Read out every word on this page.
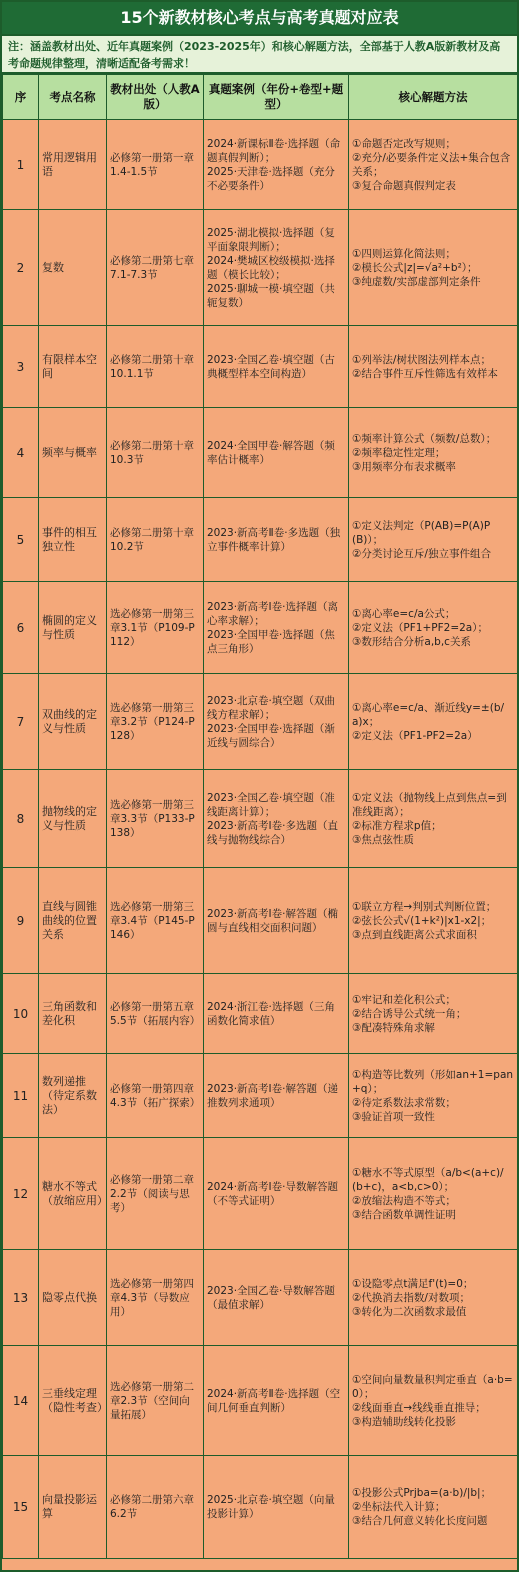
15个新教材核心考点与高考真题对应表
注：涵盖教材出处、近年真题案例（2023-2025年）和核心解题方法，全部基于人教A版新教材及高考命题规律整理，清晰适配备考需求！
序	考点名称	教材出处（人教A版）	真题案例（年份+卷型+题型）	核心解题方法
1	常用逻辑用语	必修第一册第一章1.4-1.5节	2024·新课标Ⅱ卷·选择题（命题真假判断）；
2025·天津卷·选择题（充分不必要条件）	①命题否定改写规则；
②充分/必要条件定义法+集合包含关系；
③复合命题真假判定表

2	复数	必修第二册第七章7.1-7.3节	2025·湖北模拟·选择题（复平面象限判断）；
2024·樊城区校级模拟·选择题（模长比较）；
2025·聊城一模·填空题（共轭复数）	①四则运算化简法则；
②模长公式|z|=√a²+b²）；
③纯虚数/实部虚部判定条件

3	有限样本空间	必修第二册第十章10.1.1节	2023·全国乙卷·填空题（古典概型样本空间构造）	①列举法/树状图法列样本点；
②结合事件互斥性筛选有效样本

4	频率与概率	必修第二册第十章10.3节	2024·全国甲卷·解答题（频率估计概率）	①频率计算公式（频数/总数）；
②频率稳定性定理；
③用频率分布表求概率

5	事件的相互独立性	必修第二册第十章10.2节	2023·新高考Ⅱ卷·多选题（独立事件概率计算）	①定义法判定（P(AB)=P(A)P(B)）；
②分类讨论互斥/独立事件组合

6	椭圆的定义与性质	选必修第一册第三章3.1节（P109-P112）	2023·新高考Ⅰ卷·选择题（离心率求解）；
2023·全国甲卷·选择题（焦点三角形）	①离心率e=c/a公式；
②定义法（PF1+PF2=2a）；
③数形结合分析a,b,c关系

7	双曲线的定义与性质	选必修第一册第三章3.2节（P124-P128）	2023·北京卷·填空题（双曲线方程求解）；
2023·全国甲卷·选择题（渐近线与圆综合）	①离心率e=c/a、渐近线y=±(b/a)x；
②定义法（PF1-PF2=2a）

8	抛物线的定义与性质	选必修第一册第三章3.3节（P133-P138）	2023·全国乙卷·填空题（准线距离计算）；
2023·新高考Ⅰ卷·多选题（直线与抛物线综合）	①定义法（抛物线上点到焦点=到准线距离）；
②标准方程求p值；
③焦点弦性质

9	直线与圆锥曲线的位置关系	选必修第一册第三章3.4节（P145-P146）	2023·新高考Ⅰ卷·解答题（椭圆与直线相交面积问题）	①联立方程→判别式判断位置；
②弦长公式√(1+k²)|x1-x2|；
③点到直线距离公式求面积

10	三角函数和差化积	必修第一册第五章5.5节（拓展内容）	2024·浙江卷·选择题（三角函数化简求值）	①牢记和差化积公式；
②结合诱导公式统一角；
③配凑特殊角求解

11	数列递推（待定系数法）	必修第一册第四章4.3节（拓广探索）	2023·新高考Ⅰ卷·解答题（递推数列求通项）	①构造等比数列（形如an+1=pan+q）；
②待定系数法求常数；
③验证首项一致性

12	糖水不等式（放缩应用）	必修第一册第二章2.2节（阅读与思考）	2024·新高考Ⅰ卷·导数解答题（不等式证明）	①糖水不等式原型（a/b<(a+c)/(b+c)，a<b,c>0）；
②放缩法构造不等式；
③结合函数单调性证明

13	隐零点代换	选必修第一册第四章4.3节（导数应用）	2023·全国乙卷·导数解答题（最值求解）	①设隐零点t满足f'(t)=0；
②代换消去指数/对数项；
③转化为二次函数求最值

14	三垂线定理（隐性考查）	选必修第一册第二章2.3节（空间向量拓展）	2024·新高考Ⅱ卷·选择题（空间几何垂直判断）	①空间向量数量积判定垂直（a·b=0）；
②线面垂直→线线垂直推导；
③构造辅助线转化投影

15	向量投影运算	必修第二册第六章6.2节	2025·北京卷·填空题（向量投影计算）	①投影公式Prjba=(a·b)/|b|；
②坐标法代入计算；
③结合几何意义转化长度问题
